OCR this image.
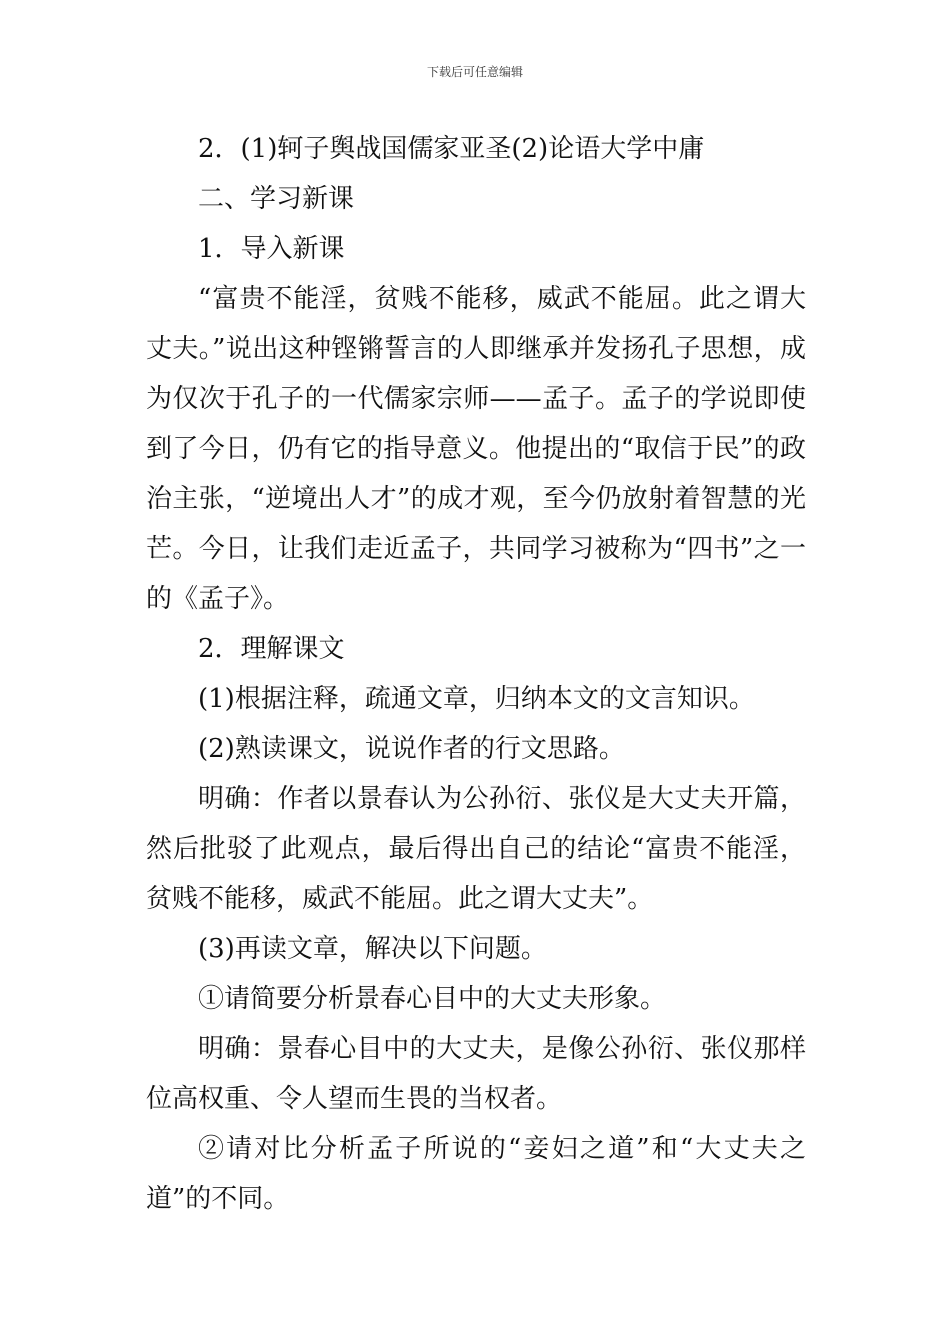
下载后可任意编辑

2．(1)轲子舆战国儒家亚圣(2)论语大学中庸

二、学习新课

1．导入新课

“富贵不能淫，贫贱不能移，威武不能屈。此之谓大丈夫。”说出这种铿锵誓言的人即继承并发扬孔子思想，成为仅次于孔子的一代儒家宗师——孟子。孟子的学说即使到了今日，仍有它的指导意义。他提出的“取信于民”的政治主张，“逆境出人才”的成才观，至今仍放射着智慧的光芒。今日，让我们走近孟子，共同学习被称为“四书”之一的《孟子》。

2．理解课文

(1)根据注释，疏通文章，归纳本文的文言知识。

(2)熟读课文，说说作者的行文思路。

明确：作者以景春认为公孙衍、张仪是大丈夫开篇，然后批驳了此观点，最后得出自己的结论“富贵不能淫，贫贱不能移，威武不能屈。此之谓大丈夫”。

(3)再读文章，解决以下问题。

①请简要分析景春心目中的大丈夫形象。

明确：景春心目中的大丈夫，是像公孙衍、张仪那样位高权重、令人望而生畏的当权者。

②请对比分析孟子所说的“妾妇之道”和“大丈夫之道”的不同。
